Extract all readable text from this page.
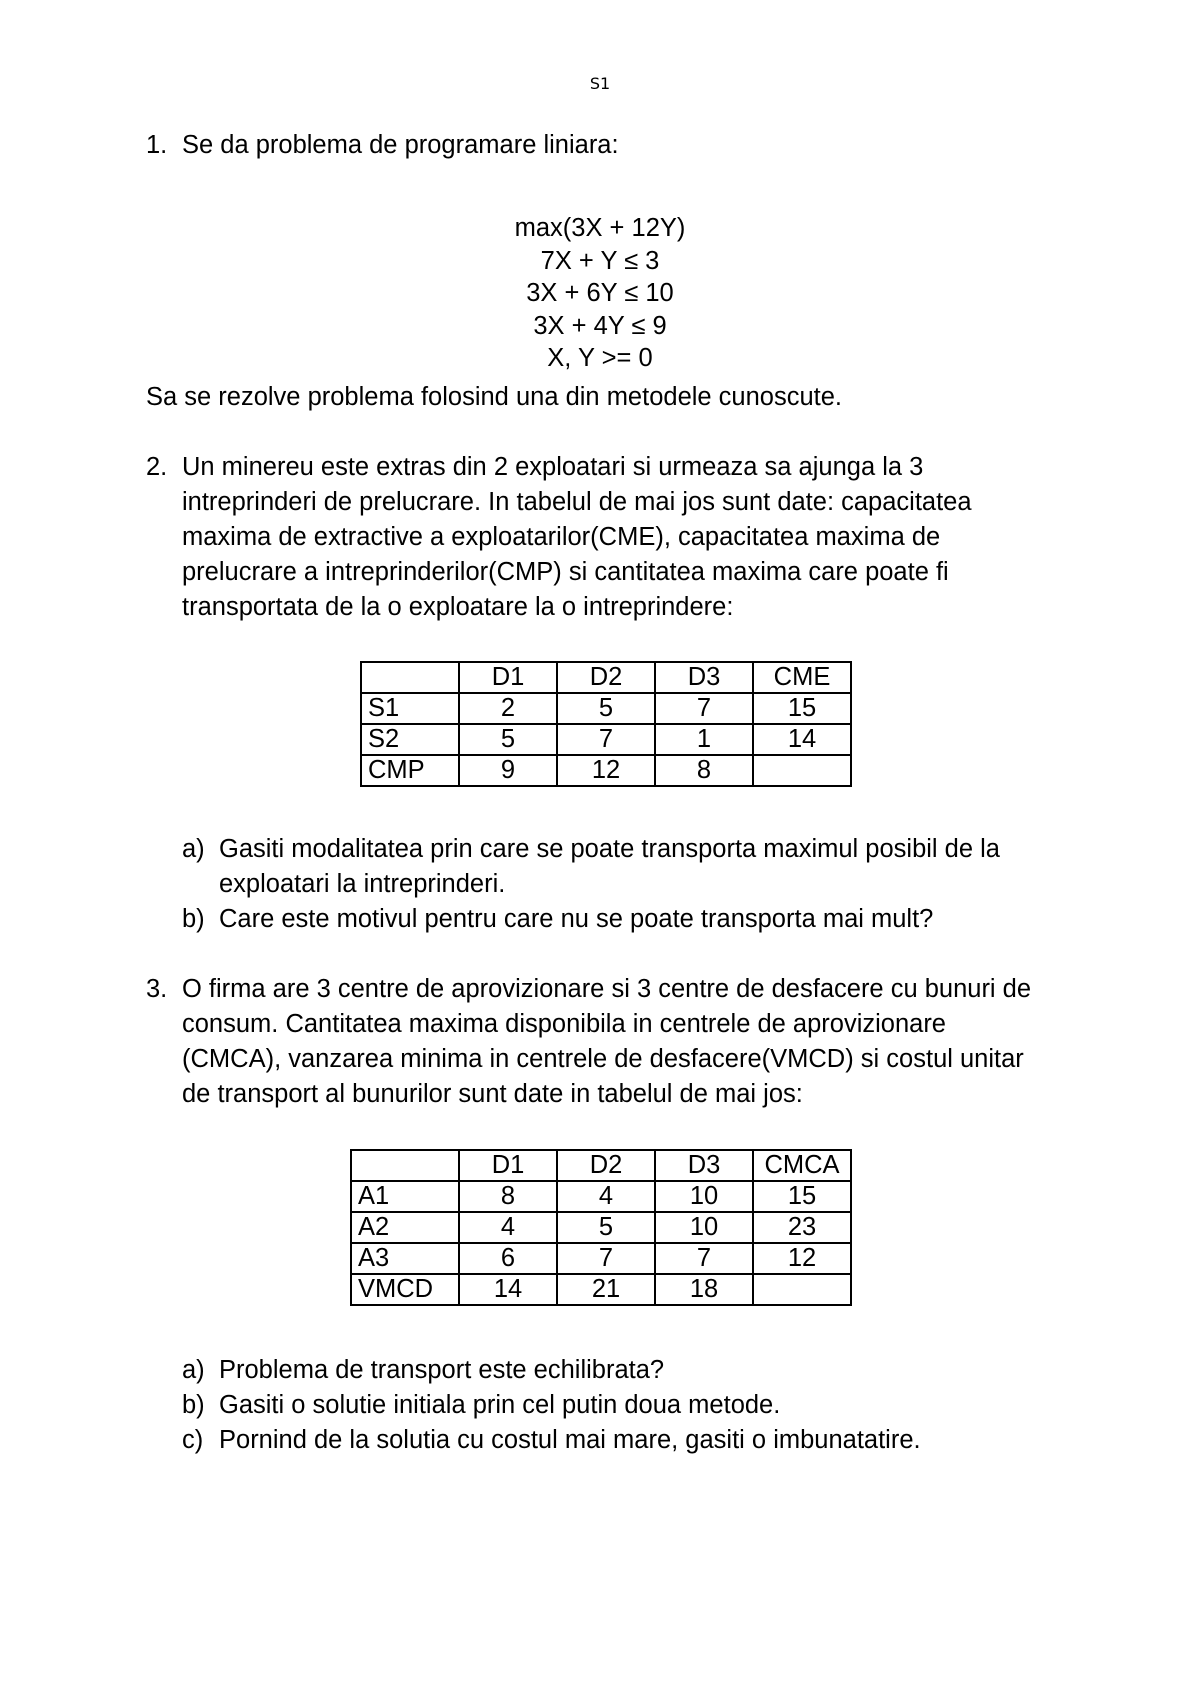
S1
1. Se da problema de programare liniara:
max(3X + 12Y)
7X + Y ≤ 3
3X + 6Y ≤ 10
3X + 4Y ≤ 9
X, Y >= 0
Sa se rezolve problema folosind una din metodele cunoscute.
2. Un minereu este extras din 2 exploatari si urmeaza sa ajunga la 3
intreprinderi de prelucrare. In tabelul de mai jos sunt date: capacitatea
maxima de extractive a exploatarilor(CME), capacitatea maxima de
prelucrare a intreprinderilor(CMP) si cantitatea maxima care poate fi
transportata de la o exploatare la o intreprindere:
	D1	D2	D3	CME
S1	2	5	7	15
S2	5	7	1	14
CMP	9	12	8	
a) Gasiti modalitatea prin care se poate transporta maximul posibil de la
exploatari la intreprinderi.
b) Care este motivul pentru care nu se poate transporta mai mult?
3. O firma are 3 centre de aprovizionare si 3 centre de desfacere cu bunuri de
consum. Cantitatea maxima disponibila in centrele de aprovizionare
(CMCA), vanzarea minima in centrele de desfacere(VMCD) si costul unitar
de transport al bunurilor sunt date in tabelul de mai jos:
	D1	D2	D3	CMCA
A1	8	4	10	15
A2	4	5	10	23
A3	6	7	7	12
VMCD	14	21	18	
a) Problema de transport este echilibrata?
b) Gasiti o solutie initiala prin cel putin doua metode.
c) Pornind de la solutia cu costul mai mare, gasiti o imbunatatire.
